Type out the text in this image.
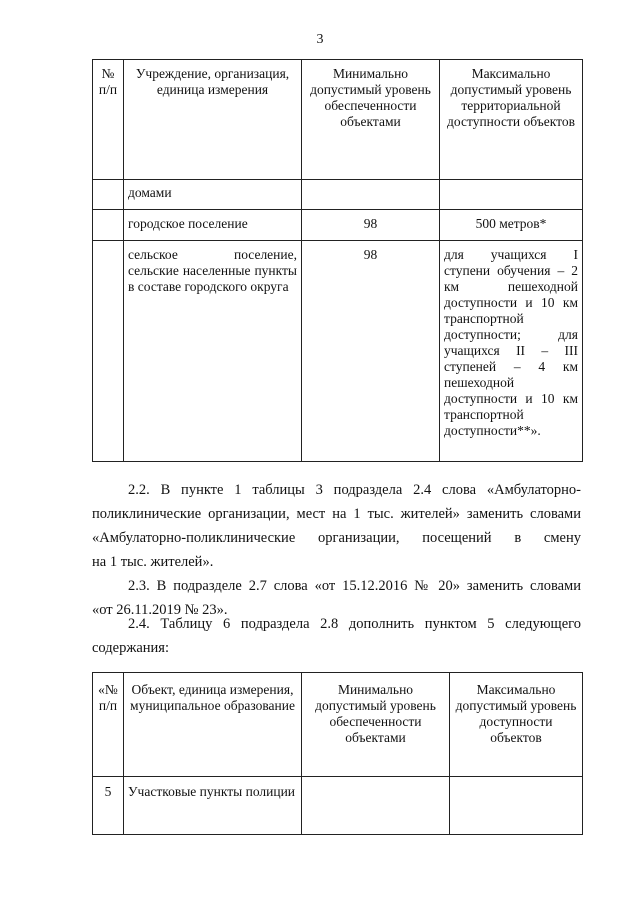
3
№ п/п	Учреждение, организация, единица измерения	Минимально допустимый уровень обеспеченности объектами	Максимально допустимый уровень территориальной доступности объектов
	домами		
	городское поселение	98	500 метров*
	сельское поселение, сельские населенные пункты в составе городского округа	98	для учащихся I ступени обучения – 2 км пешеходной доступности и 10 км транспортной доступности; для учащихся II – III ступеней – 4 км пешеходной доступности и 10 км транспортной доступности**».
2.2. В пункте 1 таблицы 3 подраздела 2.4 слова «Амбулаторно-
поликлинические организации, мест на 1 тыс. жителей» заменить словами
«Амбулаторно-поликлинические организации, посещений в смену
на 1 тыс. жителей».
2.3. В подразделе 2.7 слова «от 15.12.2016 № 20» заменить словами
«от 26.11.2019 № 23».
2.4. Таблицу 6 подраздела 2.8 дополнить пунктом 5 следующего
содержания:
«№ п/п	Объект, единица измерения, муниципальное образование	Минимально допустимый уровень обеспеченности объектами	Максимально допустимый уровень доступности объектов
5	Участковые пункты полиции		
